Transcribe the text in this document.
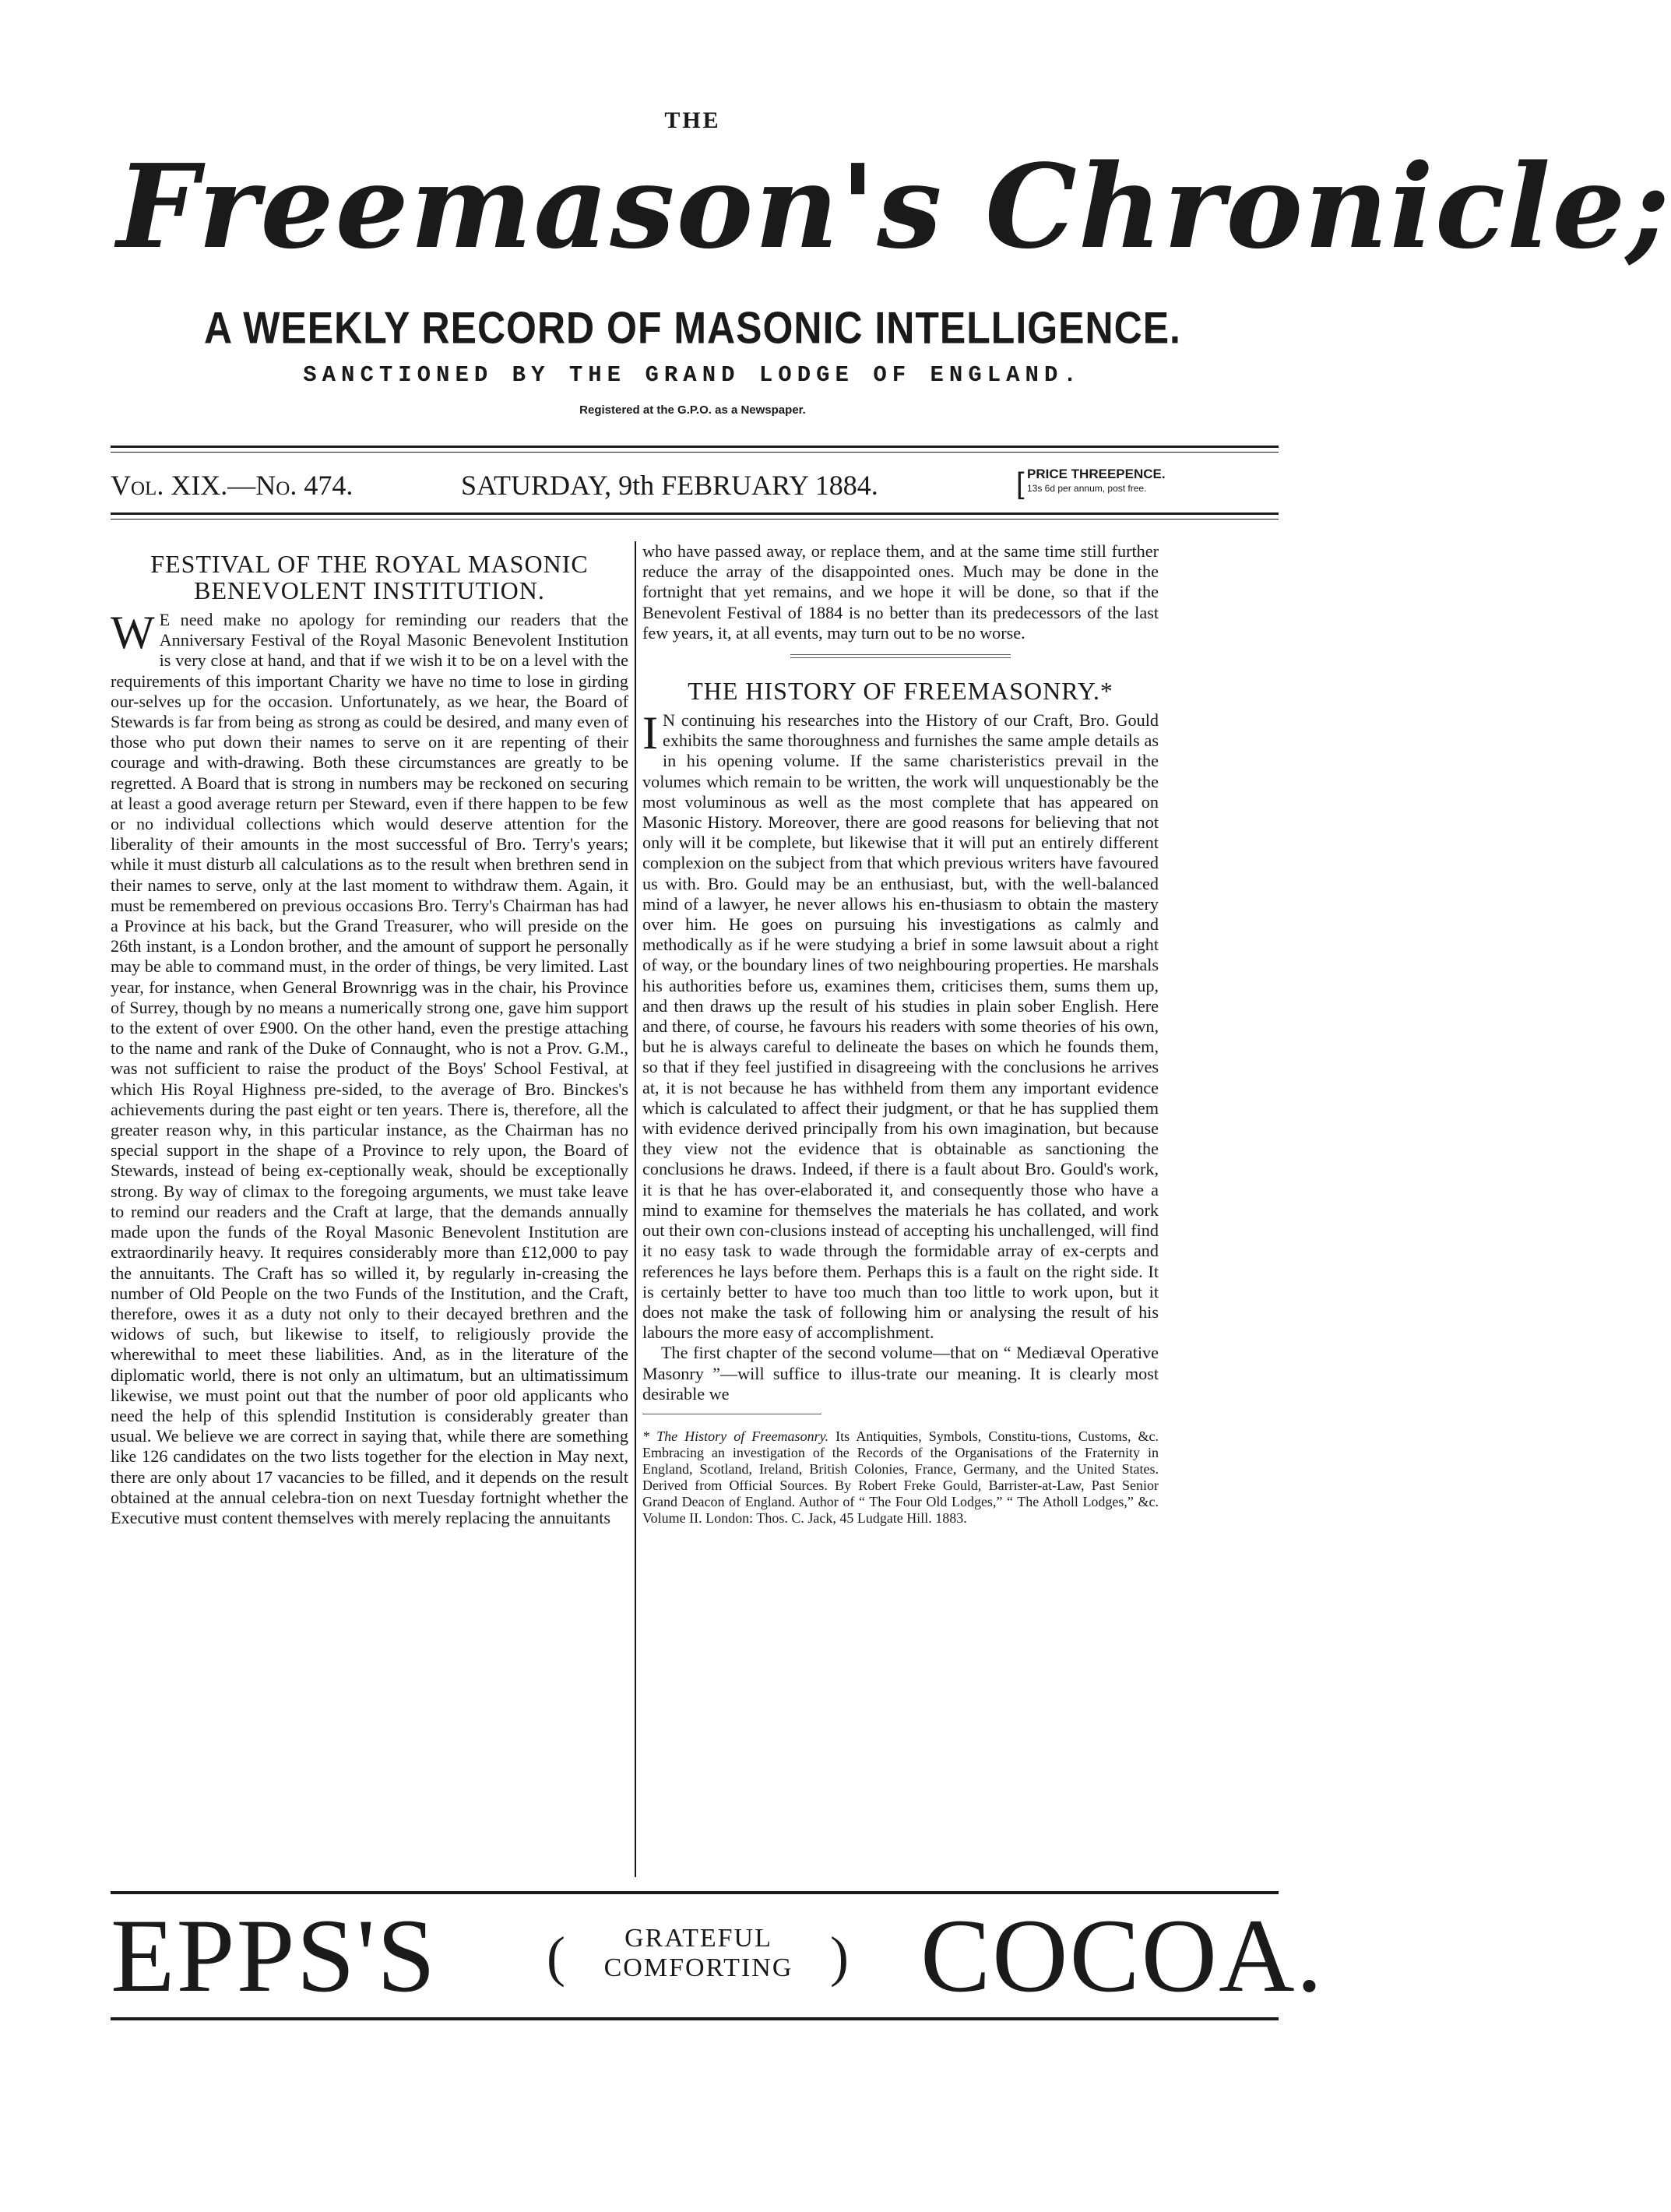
THE
Freemason's Chronicle;
A WEEKLY RECORD OF MASONIC INTELLIGENCE.
SANCTIONED BY THE GRAND LODGE OF ENGLAND.
Registered at the G.P.O. as a Newspaper.
Vol. XIX.—No. 474.	SATURDAY, 9th FEBRUARY 1884.	[ PRICE THREEPENCE.
13s 6d per annum, post free.
FESTIVAL OF THE ROYAL MASONIC BENEVOLENT INSTITUTION.

W E need make no apology for reminding our readers that the Anniversary Festival of the Royal Masonic Benevolent Institution is very close at hand, and that if we wish it to be on a level with the requirements of this important Charity we have no time to lose in girding our-selves up for the occasion. Unfortunately, as we hear, the Board of Stewards is far from being as strong as could be desired, and many even of those who put down their names to serve on it are repenting of their courage and with-drawing. Both these circumstances are greatly to be regretted. A Board that is strong in numbers may be reckoned on securing at least a good average return per Steward, even if there happen to be few or no individual collections which would deserve attention for the liberality of their amounts in the most successful of Bro. Terry's years; while it must disturb all calculations as to the result when brethren send in their names to serve, only at the last moment to withdraw them. Again, it must be remembered on previous occasions Bro. Terry's Chairman has had a Province at his back, but the Grand Treasurer, who will preside on the 26th instant, is a London brother, and the amount of support he personally may be able to command must, in the order of things, be very limited. Last year, for instance, when General Brownrigg was in the chair, his Province of Surrey, though by no means a numerically strong one, gave him support to the extent of over £900. On the other hand, even the prestige attaching to the name and rank of the Duke of Connaught, who is not a Prov. G.M., was not sufficient to raise the product of the Boys' School Festival, at which His Royal Highness pre-sided, to the average of Bro. Binckes's achievements during the past eight or ten years. There is, therefore, all the greater reason why, in this particular instance, as the Chairman has no special support in the shape of a Province to rely upon, the Board of Stewards, instead of being ex-ceptionally weak, should be exceptionally strong. By way of climax to the foregoing arguments, we must take leave to remind our readers and the Craft at large, that the demands annually made upon the funds of the Royal Masonic Benevolent Institution are extraordinarily heavy. It requires considerably more than £12,000 to pay the annuitants. The Craft has so willed it, by regularly in-creasing the number of Old People on the two Funds of the Institution, and the Craft, therefore, owes it as a duty not only to their decayed brethren and the widows of such, but likewise to itself, to religiously provide the wherewithal to meet these liabilities. And, as in the literature of the diplomatic world, there is not only an ultimatum, but an ultimatissimum likewise, we must point out that the number of poor old applicants who need the help of this splendid Institution is considerably greater than usual. We believe we are correct in saying that, while there are something like 126 candidates on the two lists together for the election in May next, there are only about 17 vacancies to be filled, and it depends on the result obtained at the annual celebra-tion on next Tuesday fortnight whether the Executive must content themselves with merely replacing the annuitants

who have passed away, or replace them, and at the same time still further reduce the array of the disappointed ones. Much may be done in the fortnight that yet remains, and we hope it will be done, so that if the Benevolent Festival of 1884 is no better than its predecessors of the last few years, it, at all events, may turn out to be no worse.

THE HISTORY OF FREEMASONRY.*

I N continuing his researches into the History of our Craft, Bro. Gould exhibits the same thoroughness and furnishes the same ample details as in his opening volume. If the same charisteristics prevail in the volumes which remain to be written, the work will unquestionably be the most voluminous as well as the most complete that has appeared on Masonic History. Moreover, there are good reasons for believing that not only will it be complete, but likewise that it will put an entirely different complexion on the subject from that which previous writers have favoured us with. Bro. Gould may be an enthusiast, but, with the well-balanced mind of a lawyer, he never allows his en-thusiasm to obtain the mastery over him. He goes on pursuing his investigations as calmly and methodically as if he were studying a brief in some lawsuit about a right of way, or the boundary lines of two neighbouring properties. He marshals his authorities before us, examines them, criticises them, sums them up, and then draws up the result of his studies in plain sober English. Here and there, of course, he favours his readers with some theories of his own, but he is always careful to delineate the bases on which he founds them, so that if they feel justified in disagreeing with the conclusions he arrives at, it is not because he has withheld from them any important evidence which is calculated to affect their judgment, or that he has supplied them with evidence derived principally from his own imagination, but because they view not the evidence that is obtainable as sanctioning the conclusions he draws. Indeed, if there is a fault about Bro. Gould's work, it is that he has over-elaborated it, and consequently those who have a mind to examine for themselves the materials he has collated, and work out their own con-clusions instead of accepting his unchallenged, will find it no easy task to wade through the formidable array of ex-cerpts and references he lays before them. Perhaps this is a fault on the right side. It is certainly better to have too much than too little to work upon, but it does not make the task of following him or analysing the result of his labours the more easy of accomplishment.

The first chapter of the second volume—that on “ Mediæval Operative Masonry ”—will suffice to illus-trate our meaning. It is clearly most desirable we

* The History of Freemasonry. Its Antiquities, Symbols, Constitu-tions, Customs, &c. Embracing an investigation of the Records of the Organisations of the Fraternity in England, Scotland, Ireland, British Colonies, France, Germany, and the United States. Derived from Official Sources. By Robert Freke Gould, Barrister-at-Law, Past Senior Grand Deacon of England. Author of “ The Four Old Lodges,” “ The Atholl Lodges,” &c. Volume II. London: Thos. C. Jack, 45 Ludgate Hill. 1883.

EPPS'S (	GRATEFUL
COMFORTING ) COCOA.
